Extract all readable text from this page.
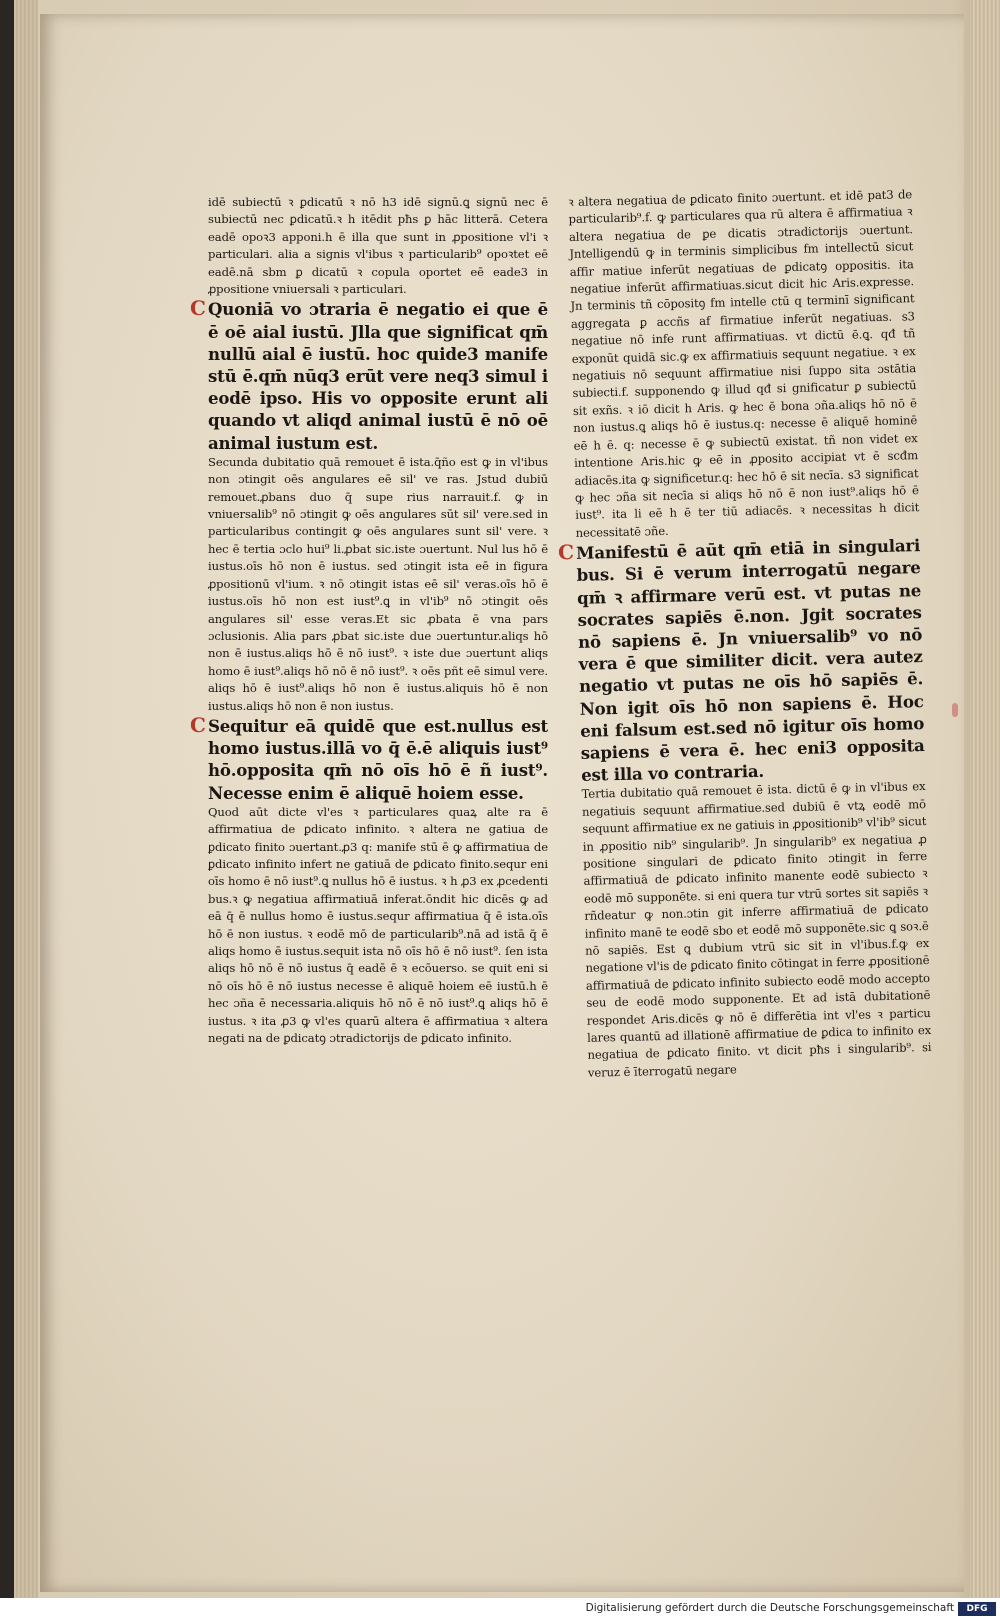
idē subiectū ꝛ ꝑdicatū ꝛ nō h3 idē signū.ꝗ signū nec ē subiectū nec ꝑdicatū.ꝛ h itēdit pħs ꝑ hāc litterā. Cetera eadē opoꝛ3 apponi.h ē illa que sunt in ꝓpositione vl'i ꝛ particulari. alia a signis vl'ibus ꝛ particularib⁹ opoꝛtet eē eadē.nā sbm ꝑ dicatū ꝛ copula oportet eē eade3 in ꝓpositione vniuersali ꝛ particulari.

C Quoniā vo ɔtraria ē negatio ei que ē ē oē aial iustū. Jlla que significat qm̄ nullū aial ē iustū. hoc quide3 manife stū ē.qm̄ nūq3 erūt vere neq3 simul i eodē ipso. His vo opposite erunt ali quando vt aliqd animal iustū ē nō oē animal iustum est.

Secunda dubitatio quā remouet ē ista.q̄ño est ꝙ in vl'ibus non ɔtingit oēs angulares eē sil' ve ras. Jstud dubiū remouet.ꝓbans duo q̄ supe rius narrauit.f. ꝙ in vniuersalib⁹ nō ɔtingit ꝙ oēs angulares sūt sil' vere.sed in particularibus contingit ꝙ oēs angulares sunt sil' vere. ꝛ hec ē tertia ɔclo hui⁹ li.ꝓbat sic.iste ɔuertunt. Nul lus hō ē iustus.oīs hō non ē iustus. sed ɔtingit ista eē in figura ꝓpositionū vl'ium. ꝛ nō ɔtingit istas eē sil' veras.oīs hō ē iustus.oīs hō non est iust⁹.ꝗ in vl'ib⁹ nō ɔtingit oēs angulares sil' esse veras.Et sic ꝓbata ē vna pars ɔclusionis. Alia pars ꝓbat sic.iste due ɔuertuntur.aliqs hō non ē iustus.aliqs hō ē nō iust⁹. ꝛ iste due ɔuertunt aliqs homo ē iust⁹.aliqs hō nō ē nō iust⁹. ꝛ oēs pñt eē simul vere. aliqs hō ē iust⁹.aliqs hō non ē iustus.aliquis hō ē non iustus.aliqs hō non ē non iustus.

C Sequitur eā quidē que est.nullus est homo iustus.illā vo q̄ ē.ē aliquis iust⁹ hō.opposita qm̄ nō oīs hō ē ñ iust⁹. Necesse enim ē aliquē hoiem esse.

Quod aūt dicte vl'es ꝛ particulares quaꝝ alte ra ē affirmatiua de ꝑdicato infinito. ꝛ altera ne gatiua de ꝑdicato finito ɔuertant.ꝓ3 q: manife stū ē ꝙ affirmatiua de ꝑdicato infinito infert ne gatiuā de ꝑdicato finito.sequr eni oīs homo ē nō iust⁹.ꝗ nullus hō ē iustus. ꝛ h ꝓ3 ex ꝓcedenti bus.ꝛ ꝙ negatiua affirmatiuā inferat.ōndit hic dicēs ꝙ ad eā q̄ ē nullus homo ē iustus.sequr affirmatiua q̄ ē ista.oīs hō ē non iustus. ꝛ eodē mō de particularib⁹.nā ad istā q̄ ē aliqs homo ē iustus.sequit ista nō oīs hō ē nō iust⁹. ſen ista aliqs hō nō ē nō iustus q̄ eadē ē ꝛ ecōuerso. se quit eni si nō oīs hō ē nō iustus necesse ē aliquē hoiem eē iustū.h ē hec ɔña ē necessaria.aliquis hō nō ē nō iust⁹.ꝗ aliqs hō ē iustus. ꝛ ita ꝓ3 ꝙ vl'es quarū altera ē affirmatiua ꝛ altera negati na de ꝑdicatꝯ ɔtradictorijs de ꝑdicato infinito.

ꝛ altera negatiua de ꝑdicato finito ɔuertunt. et idē pat3 de particularib⁹.f. ꝙ particulares qua rū altera ē affirmatiua ꝛ altera negatiua de ꝑe dicatis ɔtradictorijs ɔuertunt. Jntelligendū ꝙ in terminis simplicibus fm intellectū sicut affir matiue inferūt negatiuas de ꝑdicatꝯ oppositis. ita negatiue inferūt affirmatiuas.sicut dicit hic Aris.expresse. Jn terminis tñ cōpositꝯ fm intelle ctū q terminī significant aggregata ꝑ accñs af firmatiue inferūt negatiuas. s3 negatiue nō infe runt affirmatiuas. vt dictū ē.ꝗ. qđ tñ exponūt quidā sic.ꝙ ex affirmatiuis sequunt negatiue. ꝛ ex negatiuis nō sequunt affirmatiue nisi ſuppo sita ɔstātia subiecti.f. supponendo ꝙ illud qđ si gnificatur ꝑ subiectū sit exñs. ꝛ iō dicit h Aris. ꝙ hec ē bona ɔña.aliqs hō nō ē non iustus.ꝗ aliqs hō ē iustus.q: necesse ē aliquē hominē eē h ē. q: necesse ē ꝙ subiectū existat. tñ non videt ex intentione Aris.hic ꝙ eē in ꝓposito accipiat vt ē scđm adiacēs.ita ꝙ significetur.q: hec hō ē sit necīa. s3 significat ꝙ hec ɔña sit necīa si aliqs hō nō ē non iust⁹.aliqs hō ē iust⁹. ita li eē h ē ter tiū adiacēs. ꝛ necessitas h dicit necessitatē ɔñe.

C Manifestū ē aūt qm̄ etiā in singulari bus. Si ē verum interrogatū negare qm̄ ꝛ affirmare verū est. vt putas ne socrates sapiēs ē.non. Jgit socrates nō sapiens ē. Jn vniuersalib⁹ vo nō vera ē que similiter dicit. vera autez negatio vt putas ne oīs hō sapiēs ē. Non igit oīs hō non sapiens ē. Hoc eni falsum est.sed nō igitur oīs homo sapiens ē vera ē. hec eni3 opposita est illa vo contraria.

Tertia dubitatio quā remouet ē ista. dictū ē ꝙ in vl'ibus ex negatiuis sequunt affirmatiue.sed dubiū ē vtꝝ eodē mō sequunt affirmatiue ex ne gatiuis in ꝓpositionib⁹ vl'ib⁹ sicut in ꝓpositio nib⁹ singularib⁹. Jn singularib⁹ ex negatiua ꝓ positione singulari de ꝑdicato finito ɔtingit in ferre affirmatiuā de ꝑdicato infinito manente eodē subiecto ꝛ eodē mō supponēte. si eni quera tur vtrū sortes sit sapiēs ꝛ rñdeatur ꝙ non.ɔtin git inferre affirmatiuā de ꝑdicato infinito manē te eodē sbo et eodē mō supponēte.sic ꝗ soꝛ.ē nō sapiēs. Est ꝗ dubium vtrū sic sit in vl'ibus.f.ꝙ ex negatione vl'is de ꝑdicato finito cōtingat in ferre ꝓpositionē affirmatiuā de ꝑdicato infinito subiecto eodē modo accepto seu de eodē modo supponente. Et ad istā dubitationē respondet Aris.dicēs ꝙ nō ē differētia int vl'es ꝛ particu lares quantū ad illationē affirmatiue de ꝑdica to infinito ex negatiua de ꝑdicato finito. vt dicit pħs i singularib⁹. si veruz ē īterrogatū negare

Digitalisierung gefördert durch die Deutsche Forschungsgemeinschaft	DFG
